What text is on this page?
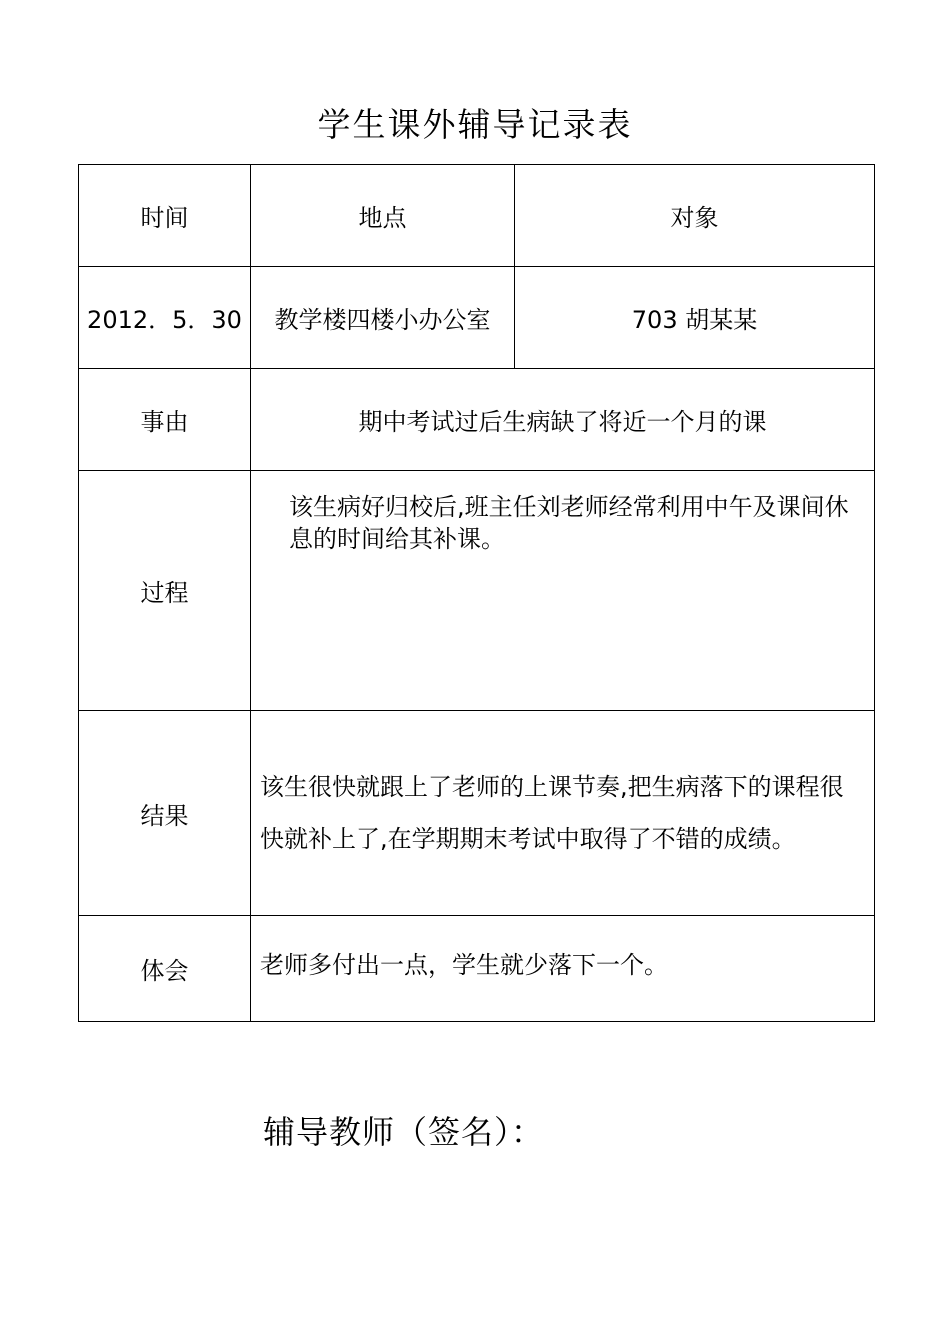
学生课外辅导记录表
时间	地点	对象
2012．5．30	教学楼四楼小办公室	703 胡某某
事由	期中考试过后生病缺了将近一个月的课	
过程	该生病好归校后,班主任刘老师经常利用中午及课间休息的时间给其补课。	
结果	该生很快就跟上了老师的上课节奏,把生病落下的课程很快就补上了,在学期期末考试中取得了不错的成绩。	
体会	老师多付出一点，学生就少落下一个。	
辅导教师（签名）：
